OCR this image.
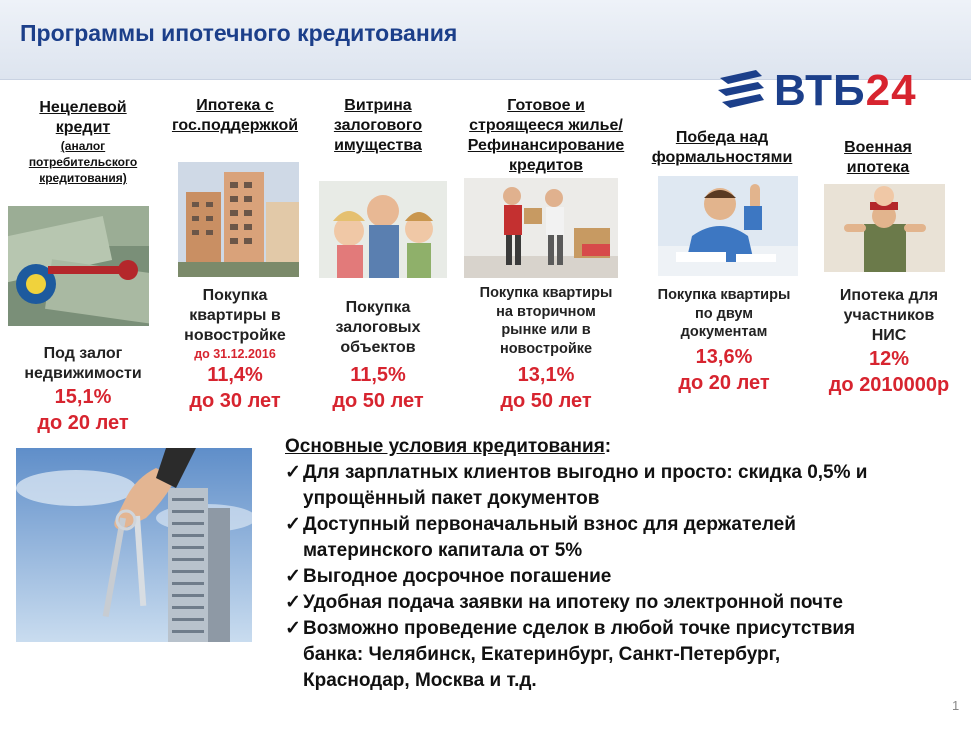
Программы ипотечного кредитования
ВТБ24
Нецелевой
кредит
(аналог
потребительского
кредитования)
Под залог
недвижимости
15,1%
до 20 лет
Ипотека с
гос.поддержкой
Покупка
квартиры в
новостройке
до 31.12.2016
11,4%
до 30 лет
Витрина
залогового
имущества
Покупка
залоговых
объектов
11,5%
до 50 лет
Готовое и
строящееся жилье/
Рефинансирование
кредитов
Покупка квартиры
на вторичном
рынке или в
новостройке
13,1%
до 50 лет
Победа над
формальностями
Покупка квартиры
по двум
документам
13,6%
до 20 лет
Военная
ипотека
Ипотека для
участников
НИС
12%
до 2010000р
Основные условия кредитования:
✓ Для зарплатных клиентов выгодно и просто: скидка 0,5% и
упрощённый пакет документов
✓ Доступный первоначальный взнос для держателей
материнского капитала от 5%
✓ Выгодное досрочное погашение
✓ Удобная подача заявки на ипотеку по электронной почте
✓ Возможно проведение сделок в любой точке присутствия
банка: Челябинск, Екатеринбург, Санкт-Петербург,
Краснодар, Москва и т.д.
1
